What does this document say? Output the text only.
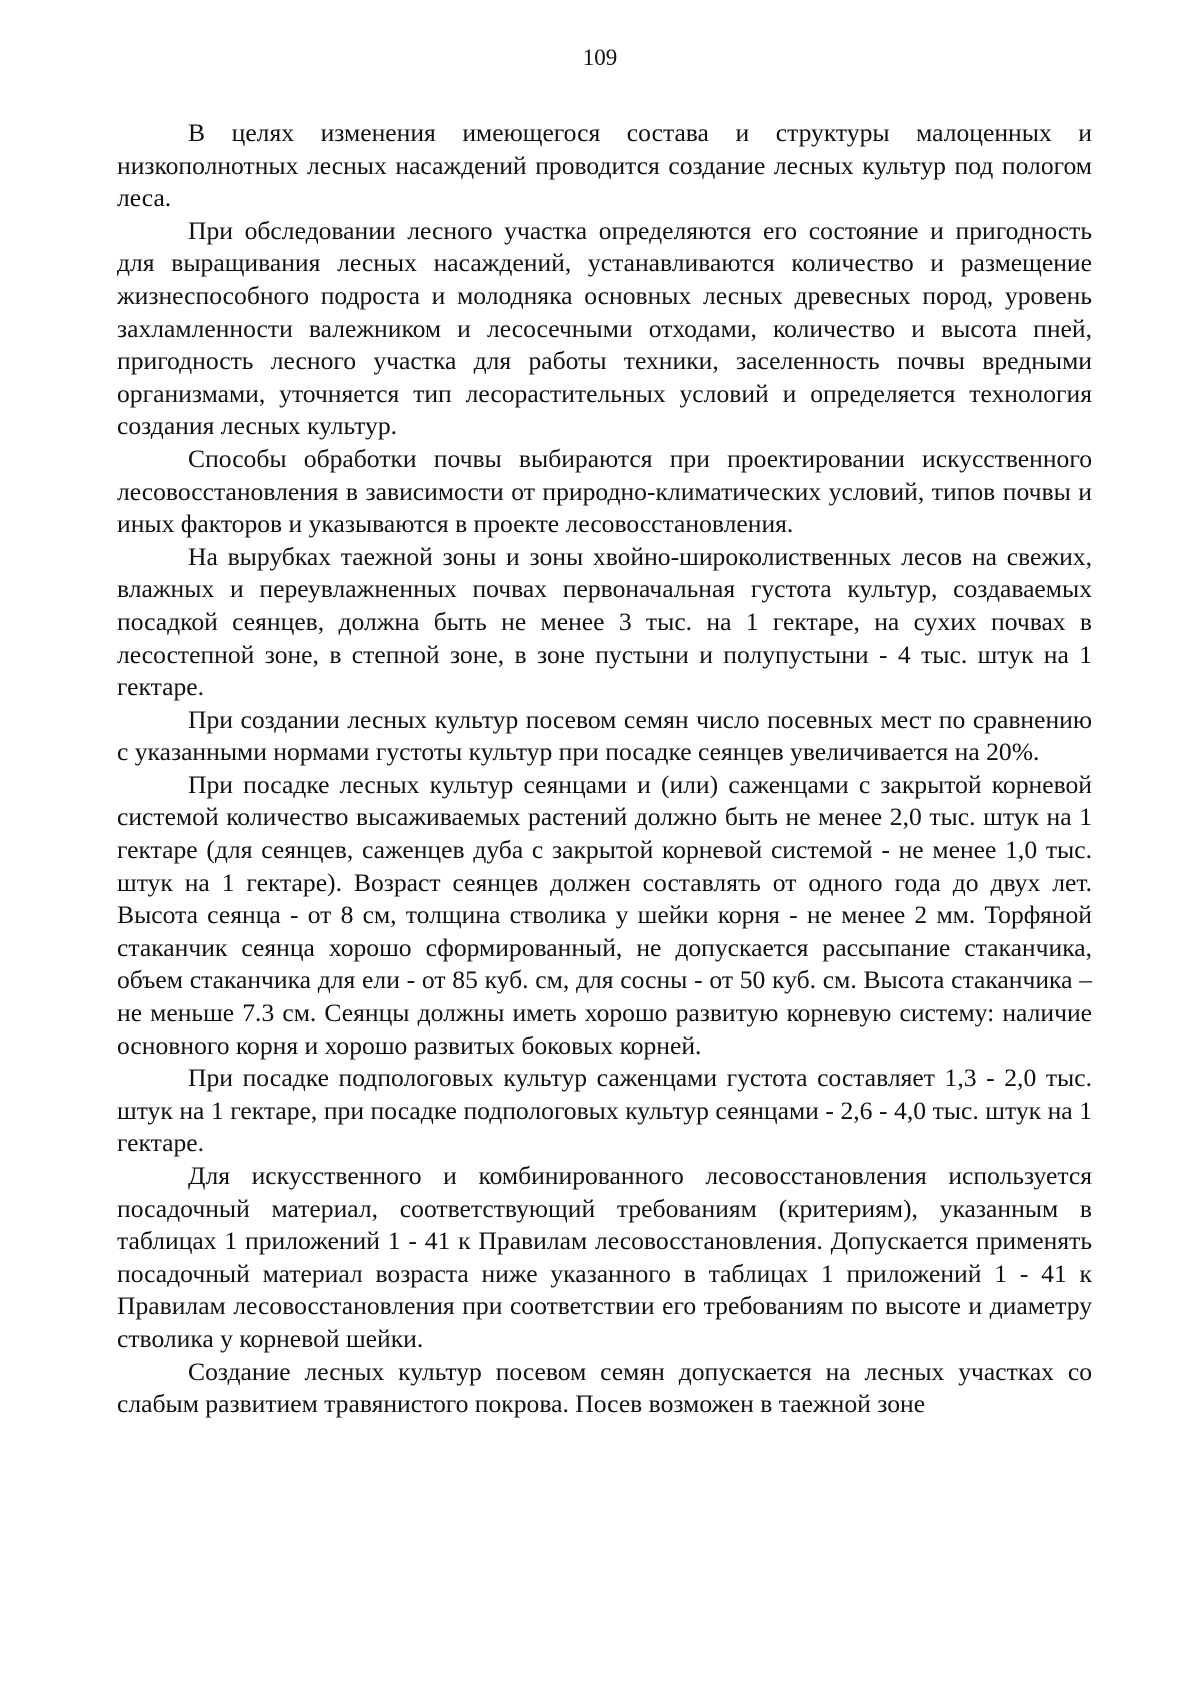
109

В целях изменения имеющегося состава и структуры малоценных и низкополнотных лесных насаждений проводится создание лесных культур под пологом леса.

При обследовании лесного участка определяются его состояние и пригодность для выращивания лесных насаждений, устанавливаются количество и размещение жизнеспособного подроста и молодняка основных лесных древесных пород, уровень захламленности валежником и лесосечными отходами, количество и высота пней, пригодность лесного участка для работы техники, заселенность почвы вредными организмами, уточняется тип лесорастительных условий и определяется технология создания лесных культур.

Способы обработки почвы выбираются при проектировании искусственного лесовосстановления в зависимости от природно-климатических условий, типов почвы и иных факторов и указываются в проекте лесовосстановления.

На вырубках таежной зоны и зоны хвойно-широколиственных лесов на свежих, влажных и переувлажненных почвах первоначальная густота культур, создаваемых посадкой сеянцев, должна быть не менее 3 тыс. на 1 гектаре, на сухих почвах в лесостепной зоне, в степной зоне, в зоне пустыни и полупустыни - 4 тыс. штук на 1 гектаре.

При создании лесных культур посевом семян число посевных мест по сравнению с указанными нормами густоты культур при посадке сеянцев увеличивается на 20%.

При посадке лесных культур сеянцами и (или) саженцами с закрытой корневой системой количество высаживаемых растений должно быть не менее 2,0 тыс. штук на 1 гектаре (для сеянцев, саженцев дуба с закрытой корневой системой - не менее 1,0 тыс. штук на 1 гектаре). Возраст сеянцев должен составлять от одного года до двух лет. Высота сеянца - от 8 см, толщина стволика у шейки корня - не менее 2 мм. Торфяной стаканчик сеянца хорошо сформированный, не допускается рассыпание стаканчика, объем стаканчика для ели - от 85 куб. см, для сосны - от 50 куб. см. Высота стаканчика – не меньше 7.3 см. Сеянцы должны иметь хорошо развитую корневую систему: наличие основного корня и хорошо развитых боковых корней.

При посадке подпологовых культур саженцами густота составляет 1,3 - 2,0 тыс. штук на 1 гектаре, при посадке подпологовых культур сеянцами - 2,6 - 4,0 тыс. штук на 1 гектаре.

Для искусственного и комбинированного лесовосстановления используется посадочный материал, соответствующий требованиям (критериям), указанным в таблицах 1 приложений 1 - 41 к Правилам лесовосстановления. Допускается применять посадочный материал возраста ниже указанного в таблицах 1 приложений 1 - 41 к Правилам лесовосстановления при соответствии его требованиям по высоте и диаметру стволика у корневой шейки.

Создание лесных культур посевом семян допускается на лесных участках со слабым развитием травянистого покрова. Посев возможен в таежной зоне
